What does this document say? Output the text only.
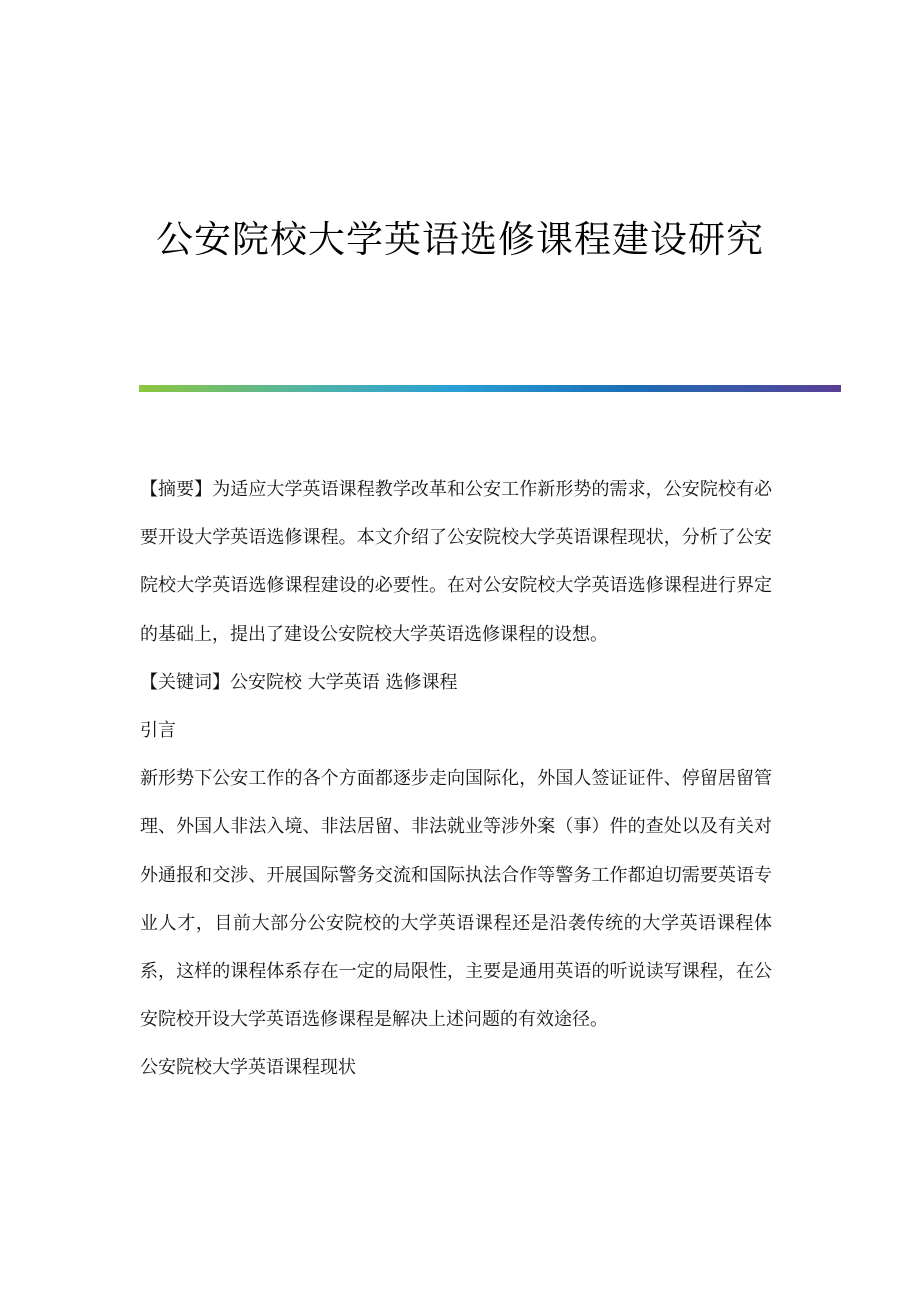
公安院校大学英语选修课程建设研究

【摘要】为适应大学英语课程教学改革和公安工作新形势的需求，公安院校有必要开设大学英语选修课程。本文介绍了公安院校大学英语课程现状，分析了公安院校大学英语选修课程建设的必要性。在对公安院校大学英语选修课程进行界定的基础上，提出了建设公安院校大学英语选修课程的设想。

【关键词】公安院校 大学英语 选修课程

引言

新形势下公安工作的各个方面都逐步走向国际化，外国人签证证件、停留居留管理、外国人非法入境、非法居留、非法就业等涉外案（事）件的查处以及有关对外通报和交涉、开展国际警务交流和国际执法合作等警务工作都迫切需要英语专业人才，目前大部分公安院校的大学英语课程还是沿袭传统的大学英语课程体系，这样的课程体系存在一定的局限性，主要是通用英语的听说读写课程，在公安院校开设大学英语选修课程是解决上述问题的有效途径。

公安院校大学英语课程现状
